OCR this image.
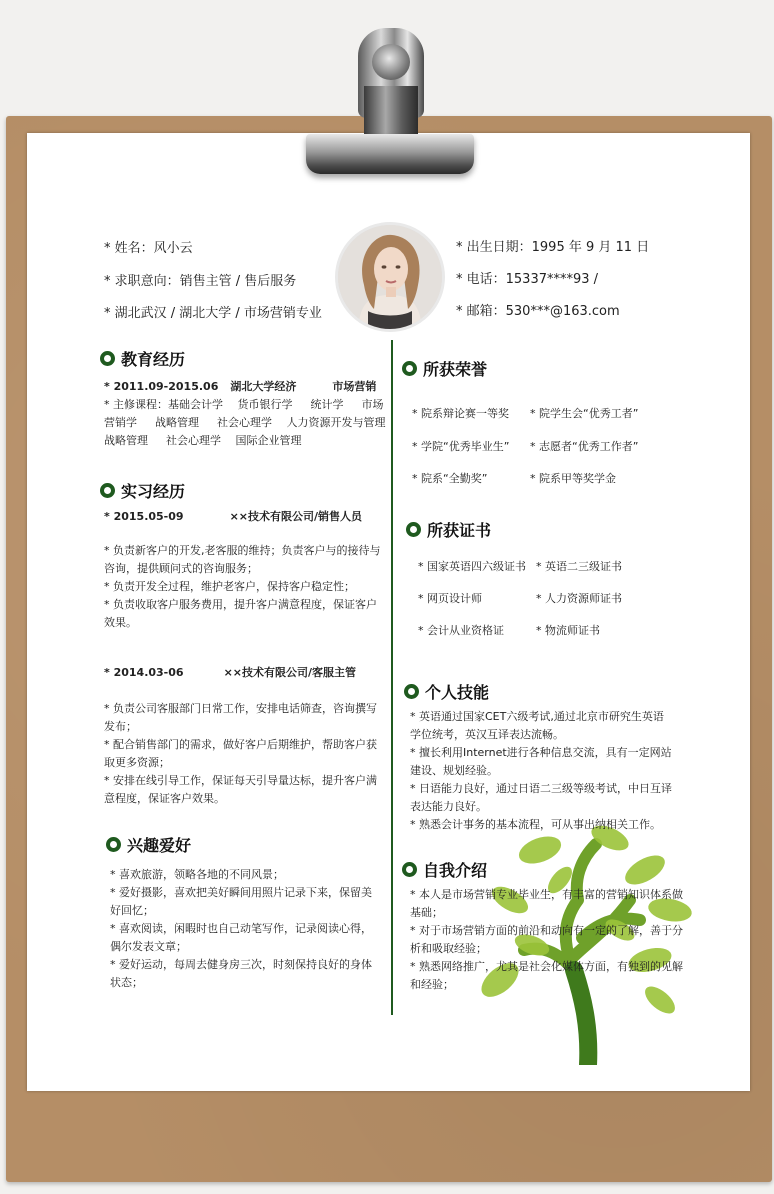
* 姓名：风小云
* 求职意向：销售主管 / 售后服务
* 湖北武汉 / 湖北大学 / 市场营销专业
* 出生日期：1995 年 9 月 11 日
* 电话：15337****93 /
* 邮箱：530***@163.com
教育经历

* 2011.09-2015.06 湖北大学经济	市场营销

* 主修课程：基础会计学 　货币银行学 　 统计学 　 市场

营销学 　 战略管理 　 社会心理学 　人力资源开发与管理

战略管理 　 社会心理学 　国际企业管理

实习经历
* 2015.05-09	××技术有限公司/销售人员

* 负责新客户的开发,老客服的维持；负责客户与的接待与

咨询，提供顾问式的咨询服务；

* 负责开发全过程，维护老客户，保持客户稳定性；

* 负责收取客户服务费用，提升客户满意程度，保证客户

效果。

* 2014.03-06	××技术有限公司/客服主管

* 负责公司客服部门日常工作，安排电话筛查，咨询撰写

发布；

* 配合销售部门的需求，做好客户后期维护，帮助客户获

取更多资源；

* 安排在线引导工作，保证每天引导量达标，提升客户满

意程度，保证客户效果。

兴趣爱好

* 喜欢旅游，领略各地的不同风景；

* 爱好摄影，喜欢把美好瞬间用照片记录下来，保留美

好回忆；

* 喜欢阅读，闲暇时也自己动笔写作，记录阅读心得，

偶尔发表文章；

* 爱好运动，每周去健身房三次，时刻保持良好的身体

状态；

所获荣誉
* 院系辩论赛一等奖 * 院学生会“优秀工者”
* 学院“优秀毕业生” * 志愿者“优秀工作者”
* 院系“全勤奖”	* 院系甲等奖学金
所获证书
* 国家英语四六级证书 * 英语二三级证书
* 网页设计师	* 人力资源师证书
* 会计从业资格证	* 物流师证书
个人技能

* 英语通过国家CET六级考试,通过北京市研究生英语

学位统考，英汉互译表达流畅。

* 擅长利用Internet进行各种信息交流，具有一定网站

建设、规划经验。

* 日语能力良好，通过日语二三级等级考试，中日互译

表达能力良好。

* 熟悉会计事务的基本流程，可从事出纳相关工作。

自我介绍

* 本人是市场营销专业毕业生，有丰富的营销知识体系做

基础；

* 对于市场营销方面的前沿和动向有一定的了解，善于分

析和吸取经验；

* 熟悉网络推广，尤其是社会化媒体方面，有独到的见解

和经验；
